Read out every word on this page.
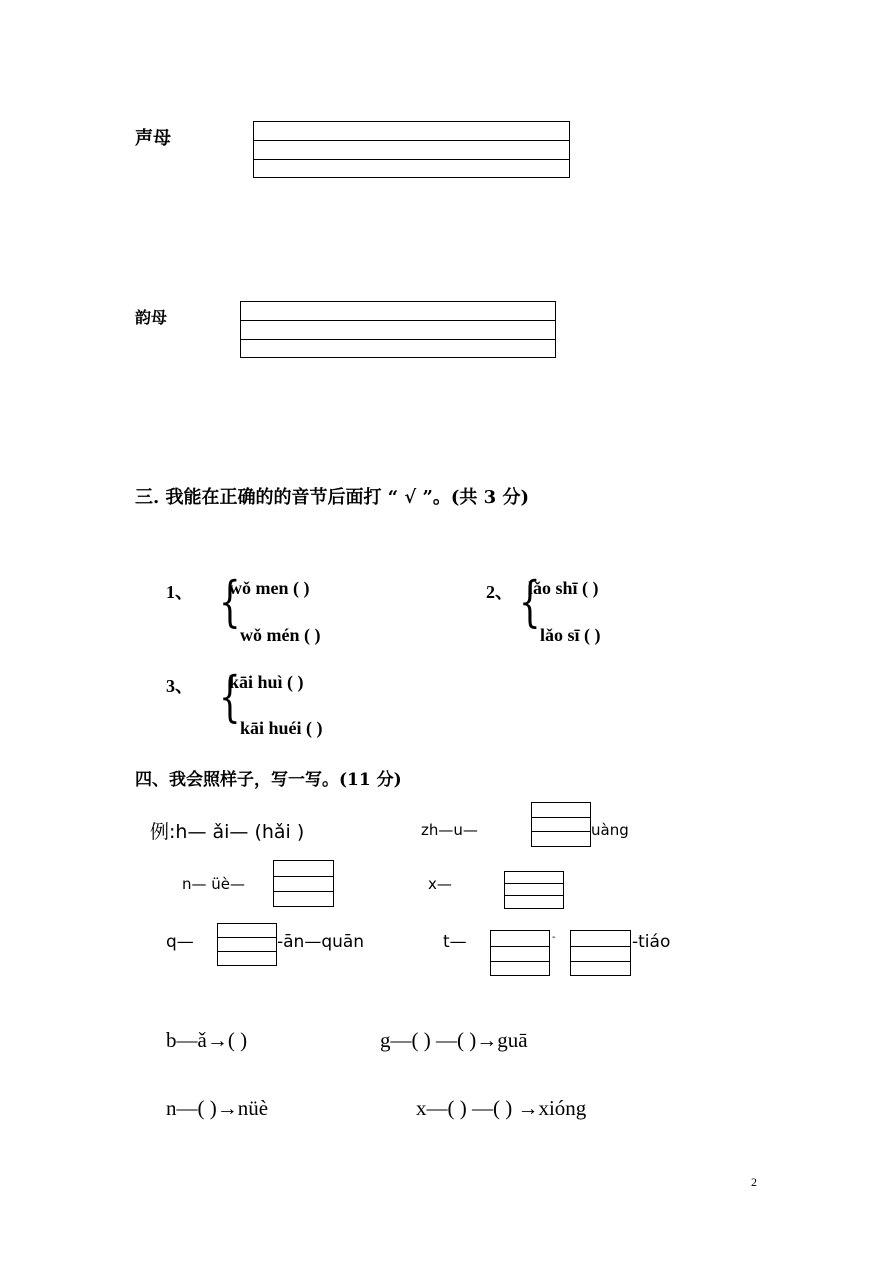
声母
韵母
三. 我能在正确的的音节后面打 “ √ ”。(共 3 分)
1、 {
wǒ men ( )
wǒ mén ( )
2、 {
lǎo shī ( )
lǎo sī ( )
3、 {
kāi huì ( )
kāi huéi ( )
四、我会照样子，写一写。(11 分)
例:h— ǎi— (hǎi )	zh—u—	uàng
n— üè—	x—
q—	-ān—quān	t—	-	-tiáo
b—ǎ→( )	g—( ) —( )→guā
n—( )→nüè	x—( ) —( ) →xióng
2
